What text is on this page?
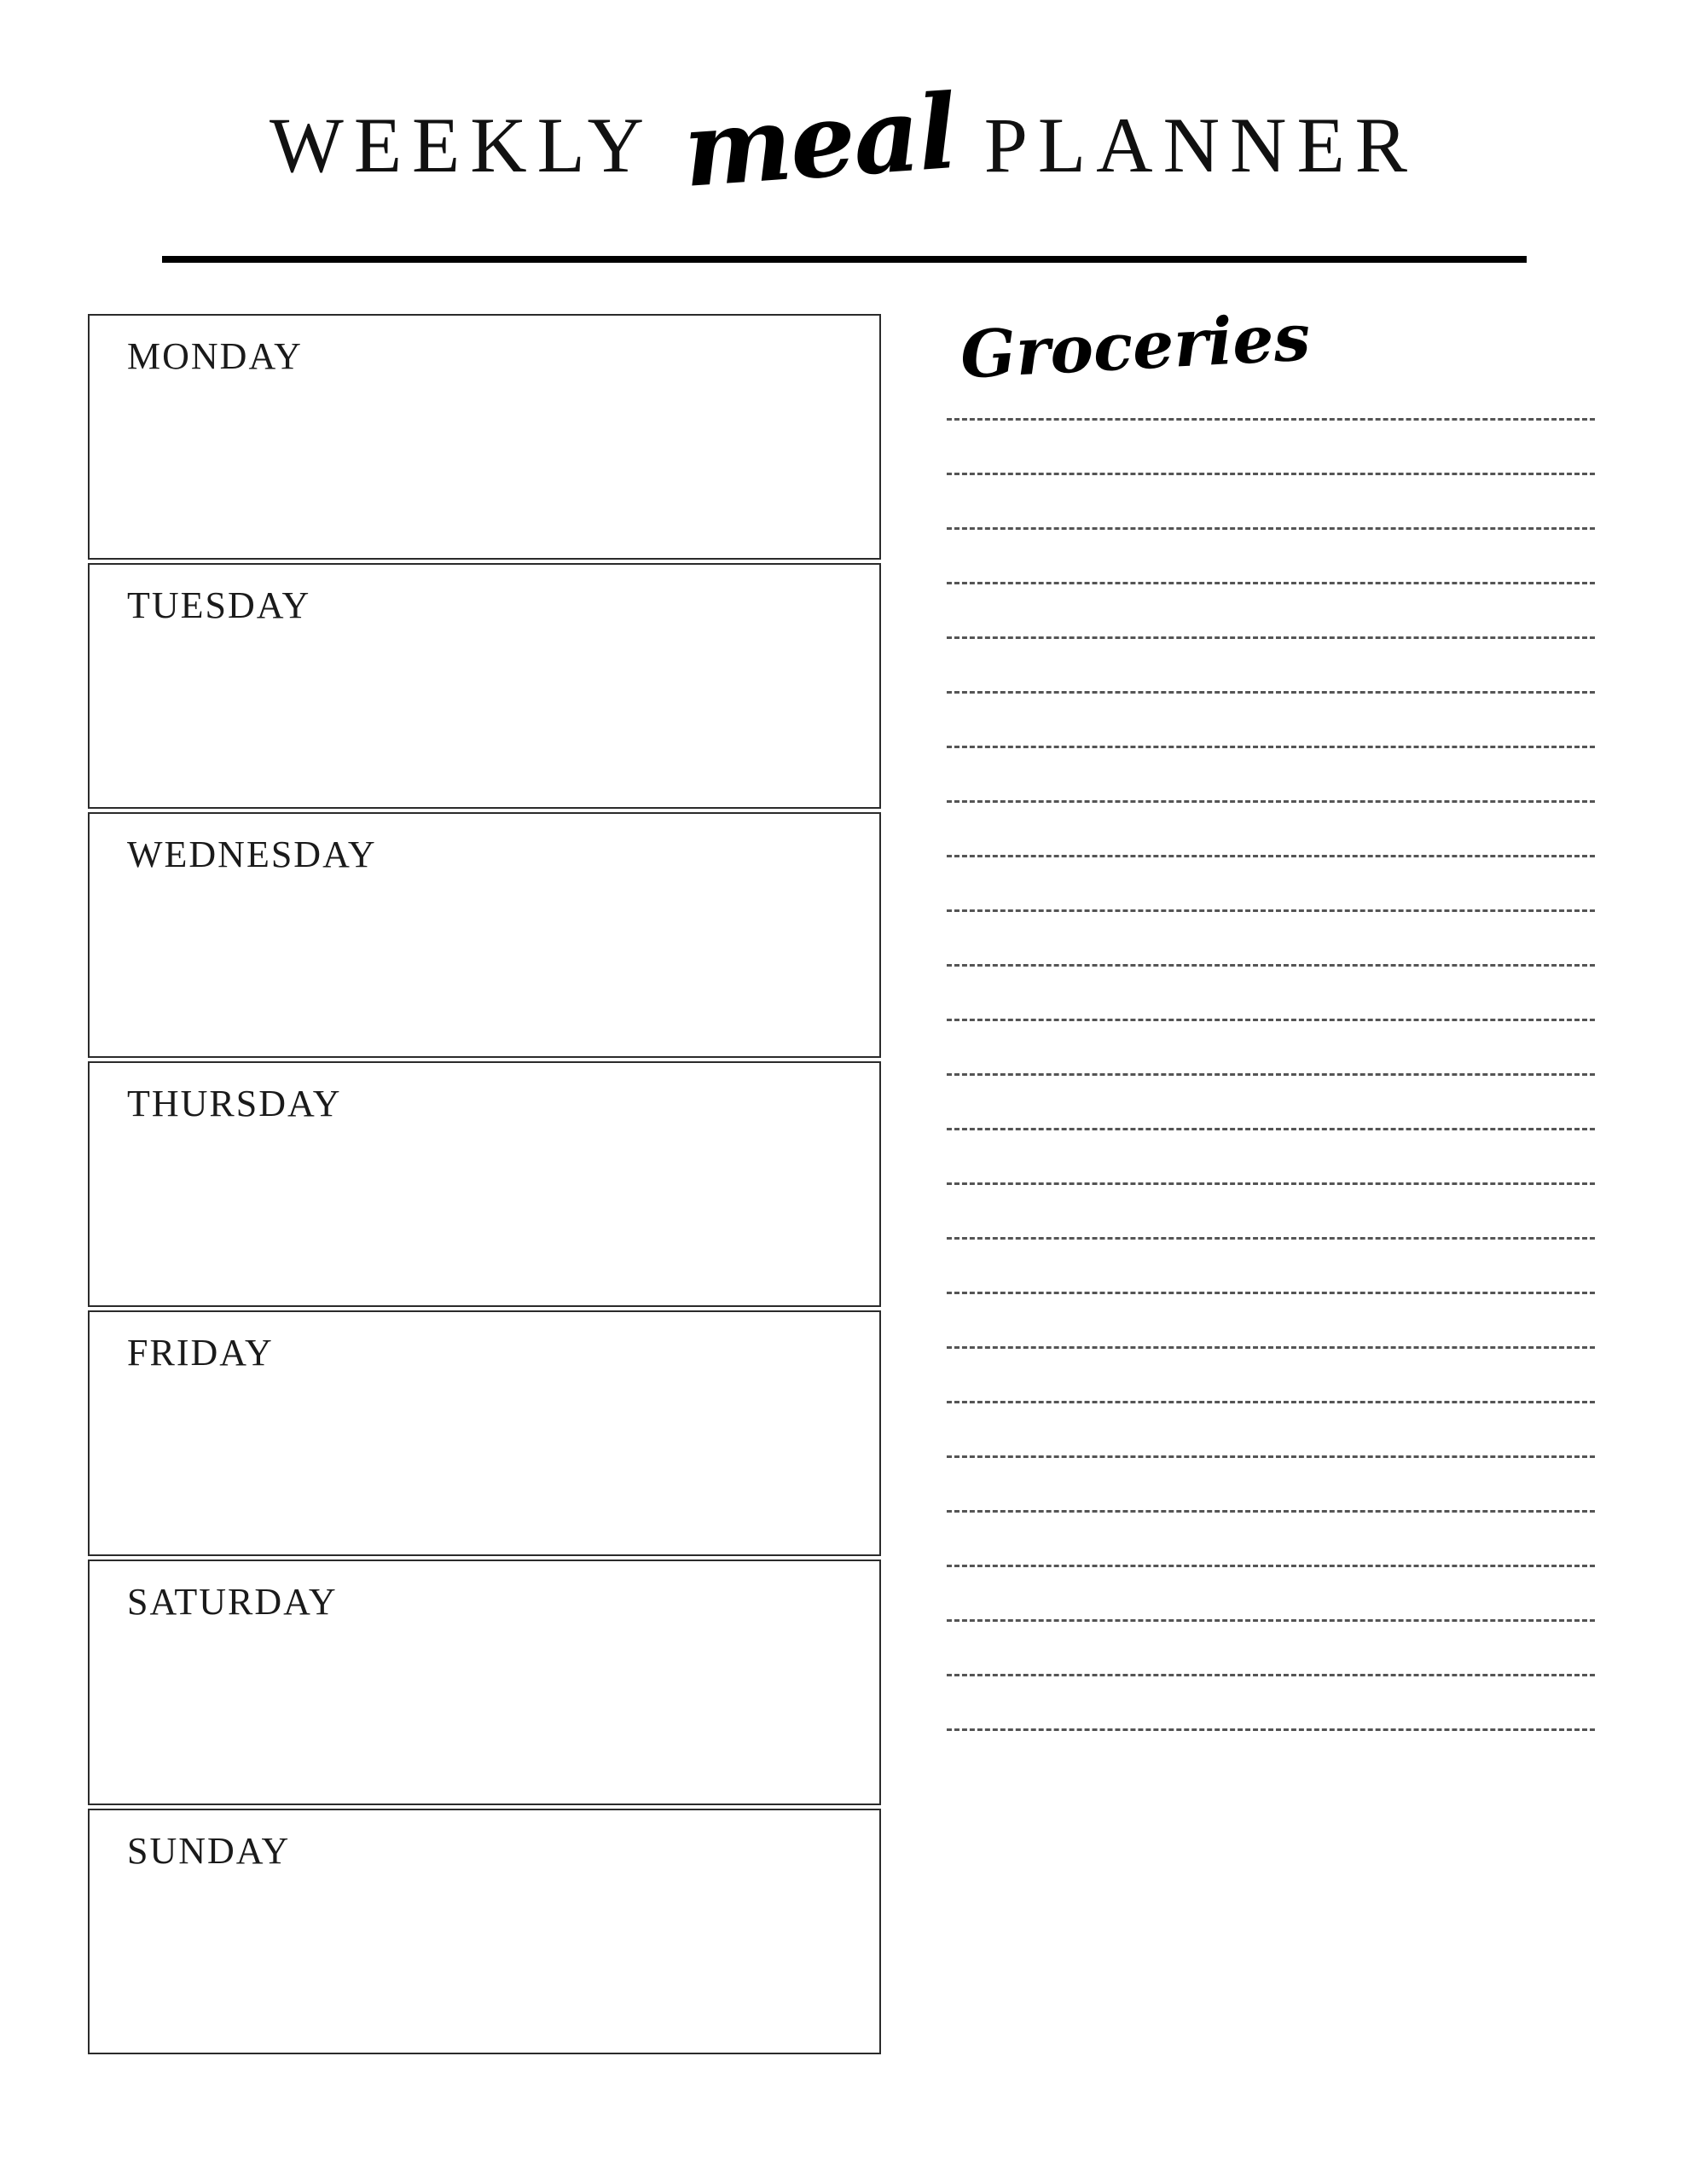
WEEKLY meal PLANNER
MONDAY
TUESDAY
WEDNESDAY
THURSDAY
FRIDAY
SATURDAY
SUNDAY
Groceries
